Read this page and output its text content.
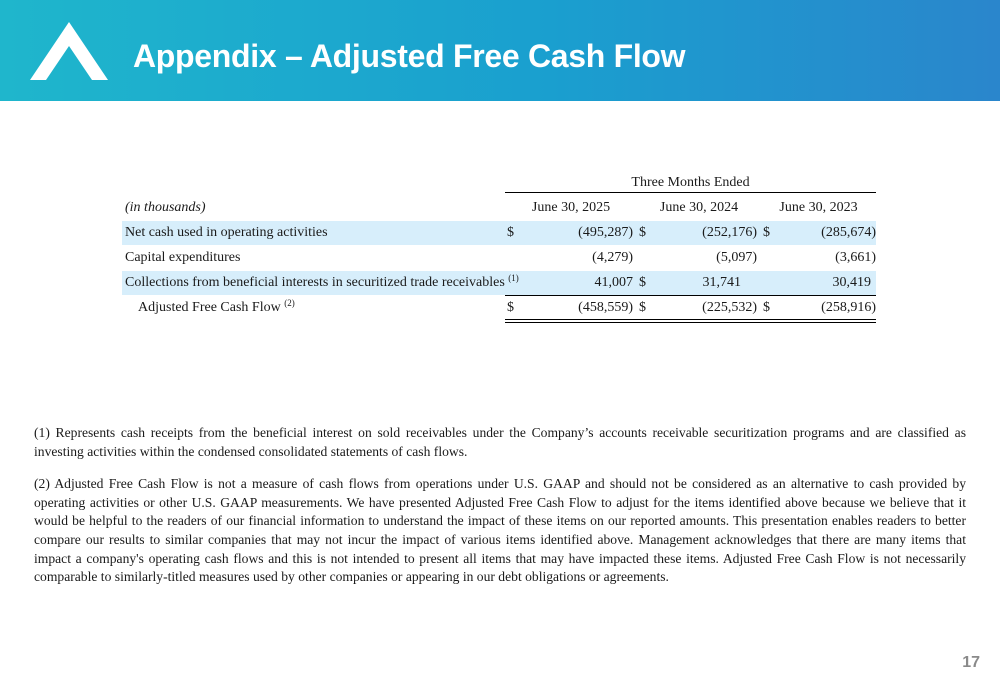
Appendix – Adjusted Free Cash Flow
Three Months Ended
(in thousands)	June 30, 2025	June 30, 2024	June 30, 2023
Net cash used in operating activities	$	(495,287) $	(252,176) $	(285,674)
Capital expenditures	(4,279)	(5,097)	(3,661)
Collections from beneficial interests in securitized trade receivables $^{(1)}$	41,007 $	31,741	30,419
Adjusted Free Cash Flow $^{(2)}$	$	(458,559) $	(225,532) $	(258,916)

(1) Represents cash receipts from the beneficial interest on sold receivables under the Company’s accounts receivable securitization programs and are classified as investing activities within the condensed consolidated statements of cash flows.

(2) Adjusted Free Cash Flow is not a measure of cash flows from operations under U.S. GAAP and should not be considered as an alternative to cash provided by operating activities or other U.S. GAAP measurements. We have presented Adjusted Free Cash Flow to adjust for the items identified above because we believe that it would be helpful to the readers of our financial information to understand the impact of these items on our reported amounts. This presentation enables readers to better compare our results to similar companies that may not incur the impact of various items identified above. Management acknowledges that there are many items that impact a company's operating cash flows and this is not intended to present all items that may have impacted these items. Adjusted Free Cash Flow is not necessarily comparable to similarly-titled measures used by other companies or appearing in our debt obligations or agreements.

17
